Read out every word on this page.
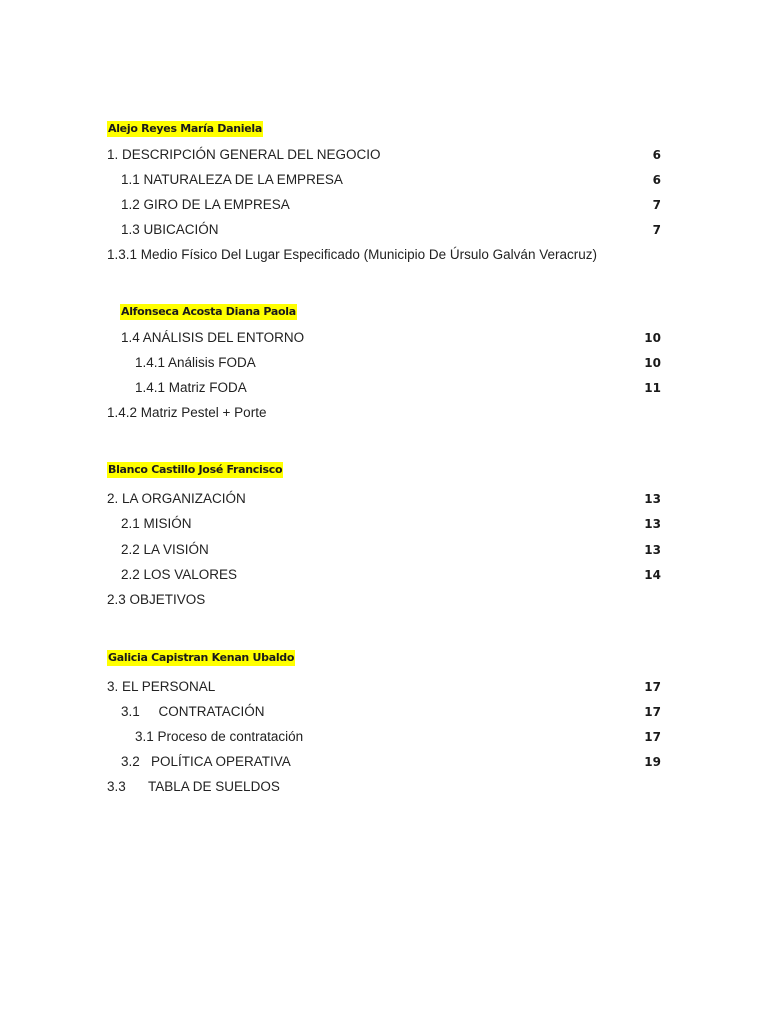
Alejo Reyes María Daniela
1. DESCRIPCIÓN GENERAL DEL NEGOCIO	6
1.1 NATURALEZA DE LA EMPRESA	6
1.2 GIRO DE LA EMPRESA	7
1.3 UBICACIÓN	7
1.3.1 Medio Físico Del Lugar Especificado (Municipio De Úrsulo Galván Veracruz)
Alfonseca Acosta Diana Paola
1.4 ANÁLISIS DEL ENTORNO	10
1.4.1 Análisis FODA	10
1.4.1 Matriz FODA	11
1.4.2 Matriz Pestel + Porte
Blanco Castillo José Francisco
2. LA ORGANIZACIÓN	13
2.1 MISIÓN	13
2.2 LA VISIÓN	13
2.2 LOS VALORES	14
2.3 OBJETIVOS
Galicia Capistran Kenan Ubaldo
3. EL PERSONAL	17
3.1     CONTRATACIÓN	17
3.1 Proceso de contratación	17
3.2   POLÍTICA OPERATIVA	19
3.3      TABLA DE SUELDOS
